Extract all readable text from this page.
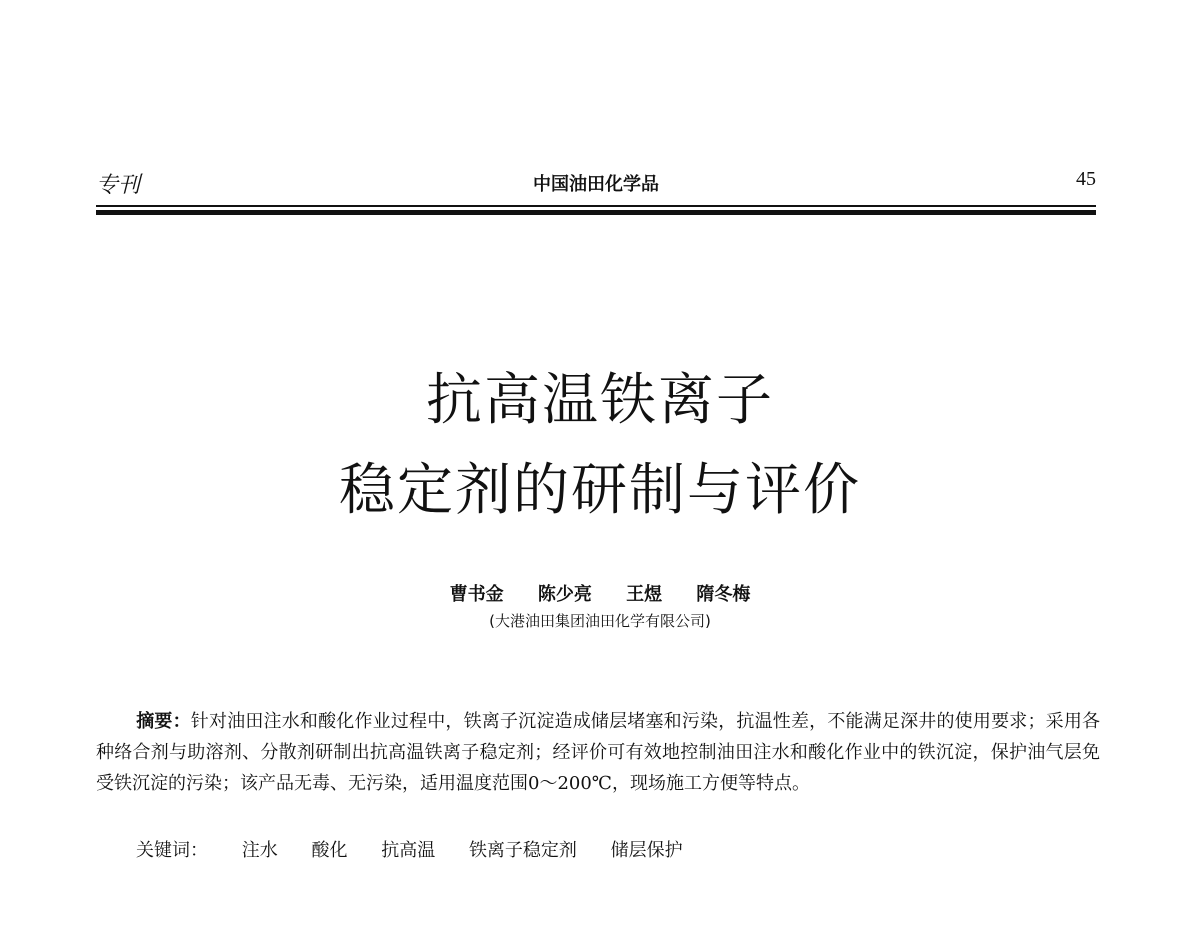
专刊	中国油田化学品	45
抗高温铁离子
稳定剂的研制与评价
曹书金 陈少亮 王煜 隋冬梅
(大港油田集团油田化学有限公司)
摘要：针对油田注水和酸化作业过程中，铁离子沉淀造成储层堵塞和污染，抗温性差，不能满足深井的使用要求；采用各种络合剂与助溶剂、分散剂研制出抗高温铁离子稳定剂；经评价可有效地控制油田注水和酸化作业中的铁沉淀，保护油气层免受铁沉淀的污染；该产品无毒、无污染，适用温度范围0～200℃，现场施工方便等特点。
关键词： 注水 酸化 抗高温 铁离子稳定剂 储层保护
